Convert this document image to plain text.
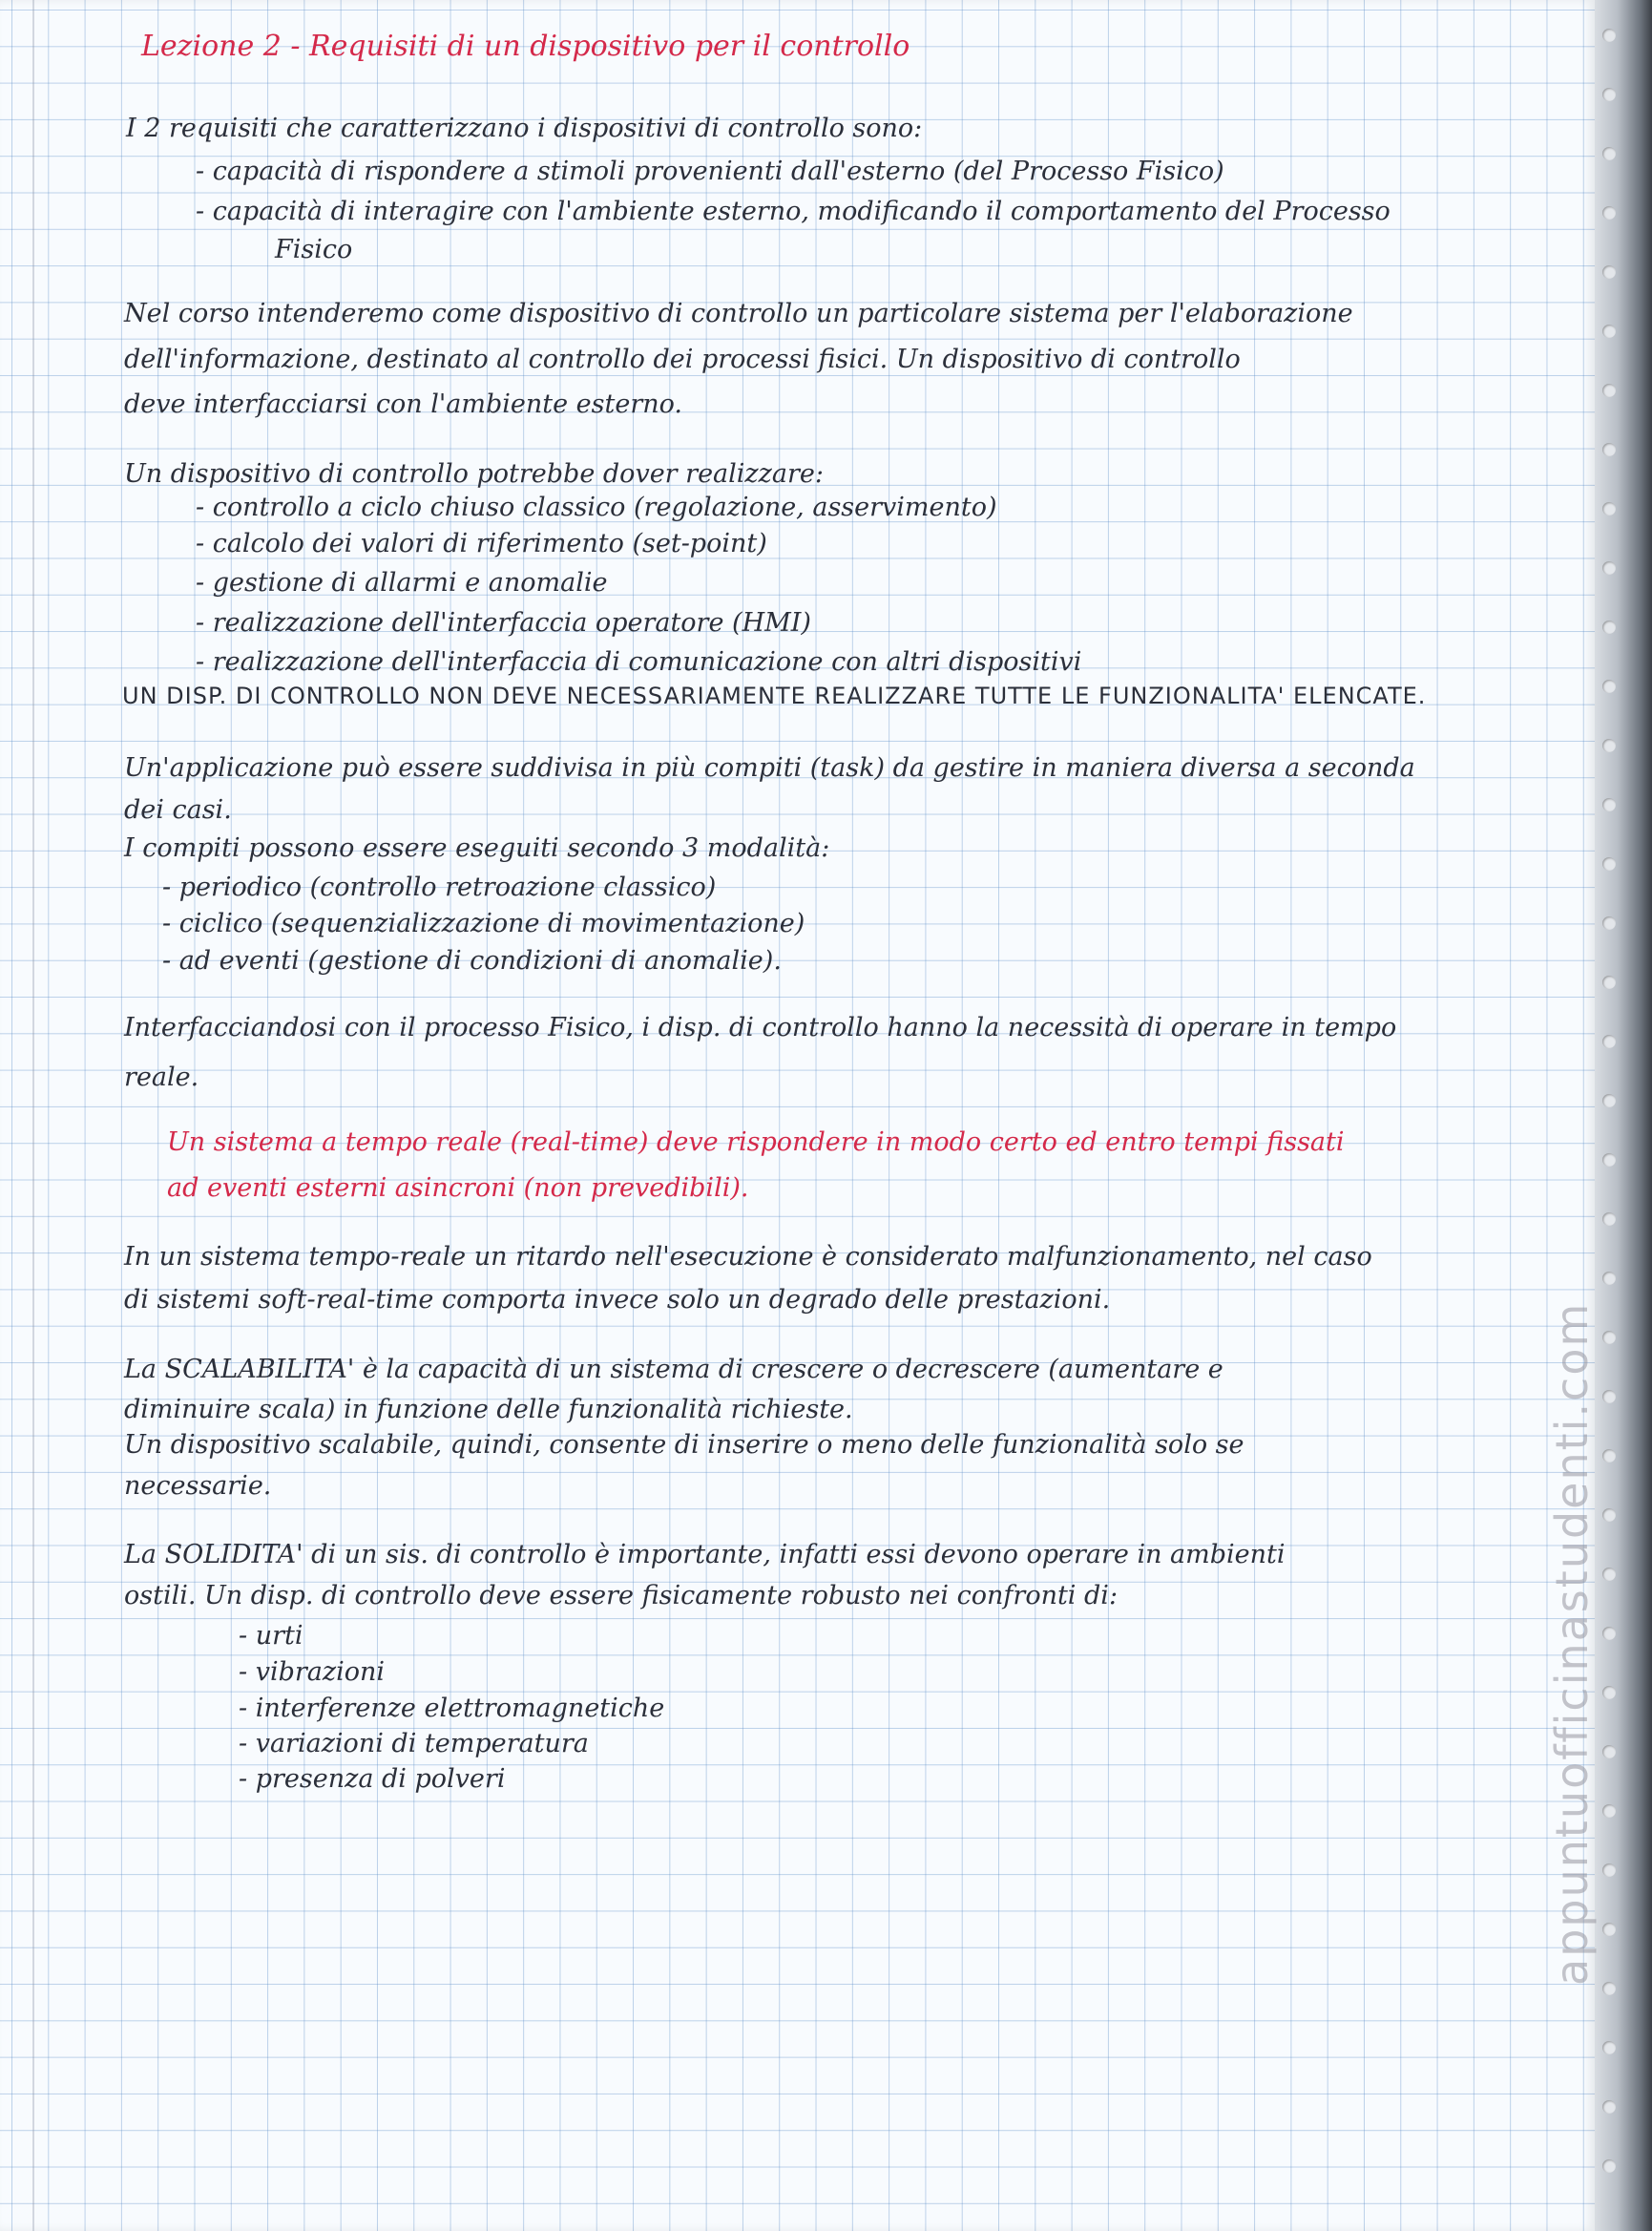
Lezione 2 - Requisiti di un dispositivo per il controllo
I 2 requisiti che caratterizzano i dispositivi di controllo sono:
- capacità di rispondere a stimoli provenienti dall'esterno (del Processo Fisico)
- capacità di interagire con l'ambiente esterno, modificando il comportamento del Processo
Fisico
Nel corso intenderemo come dispositivo di controllo un particolare sistema per l'elaborazione
dell'informazione, destinato al controllo dei processi fisici. Un dispositivo di controllo
deve interfacciarsi con l'ambiente esterno.
Un dispositivo di controllo potrebbe dover realizzare:
- controllo a ciclo chiuso classico (regolazione, asservimento)
- calcolo dei valori di riferimento (set-point)
- gestione di allarmi e anomalie
- realizzazione dell'interfaccia operatore (HMI)
- realizzazione dell'interfaccia di comunicazione con altri dispositivi
UN DISP. DI CONTROLLO NON DEVE NECESSARIAMENTE REALIZZARE TUTTE LE FUNZIONALITA' ELENCATE.
Un'applicazione può essere suddivisa in più compiti (task) da gestire in maniera diversa a seconda
dei casi.
I compiti possono essere eseguiti secondo 3 modalità:
- periodico (controllo retroazione classico)
- ciclico (sequenzializzazione di movimentazione)
- ad eventi (gestione di condizioni di anomalie).
Interfacciandosi con il processo Fisico, i disp. di controllo hanno la necessità di operare in tempo
reale.
Un sistema a tempo reale (real-time) deve rispondere in modo certo ed entro tempi fissati
ad eventi esterni asincroni (non prevedibili).
In un sistema tempo-reale un ritardo nell'esecuzione è considerato malfunzionamento, nel caso
di sistemi soft-real-time comporta invece solo un degrado delle prestazioni.
La SCALABILITA' è la capacità di un sistema di crescere o decrescere (aumentare e
diminuire scala) in funzione delle funzionalità richieste.
Un dispositivo scalabile, quindi, consente di inserire o meno delle funzionalità solo se
necessarie.
La SOLIDITA' di un sis. di controllo è importante, infatti essi devono operare in ambienti
ostili. Un disp. di controllo deve essere fisicamente robusto nei confronti di:
- urti
- vibrazioni
- interferenze elettromagnetiche
- variazioni di temperatura
- presenza di polveri	appuntuofficinastudenti.com
